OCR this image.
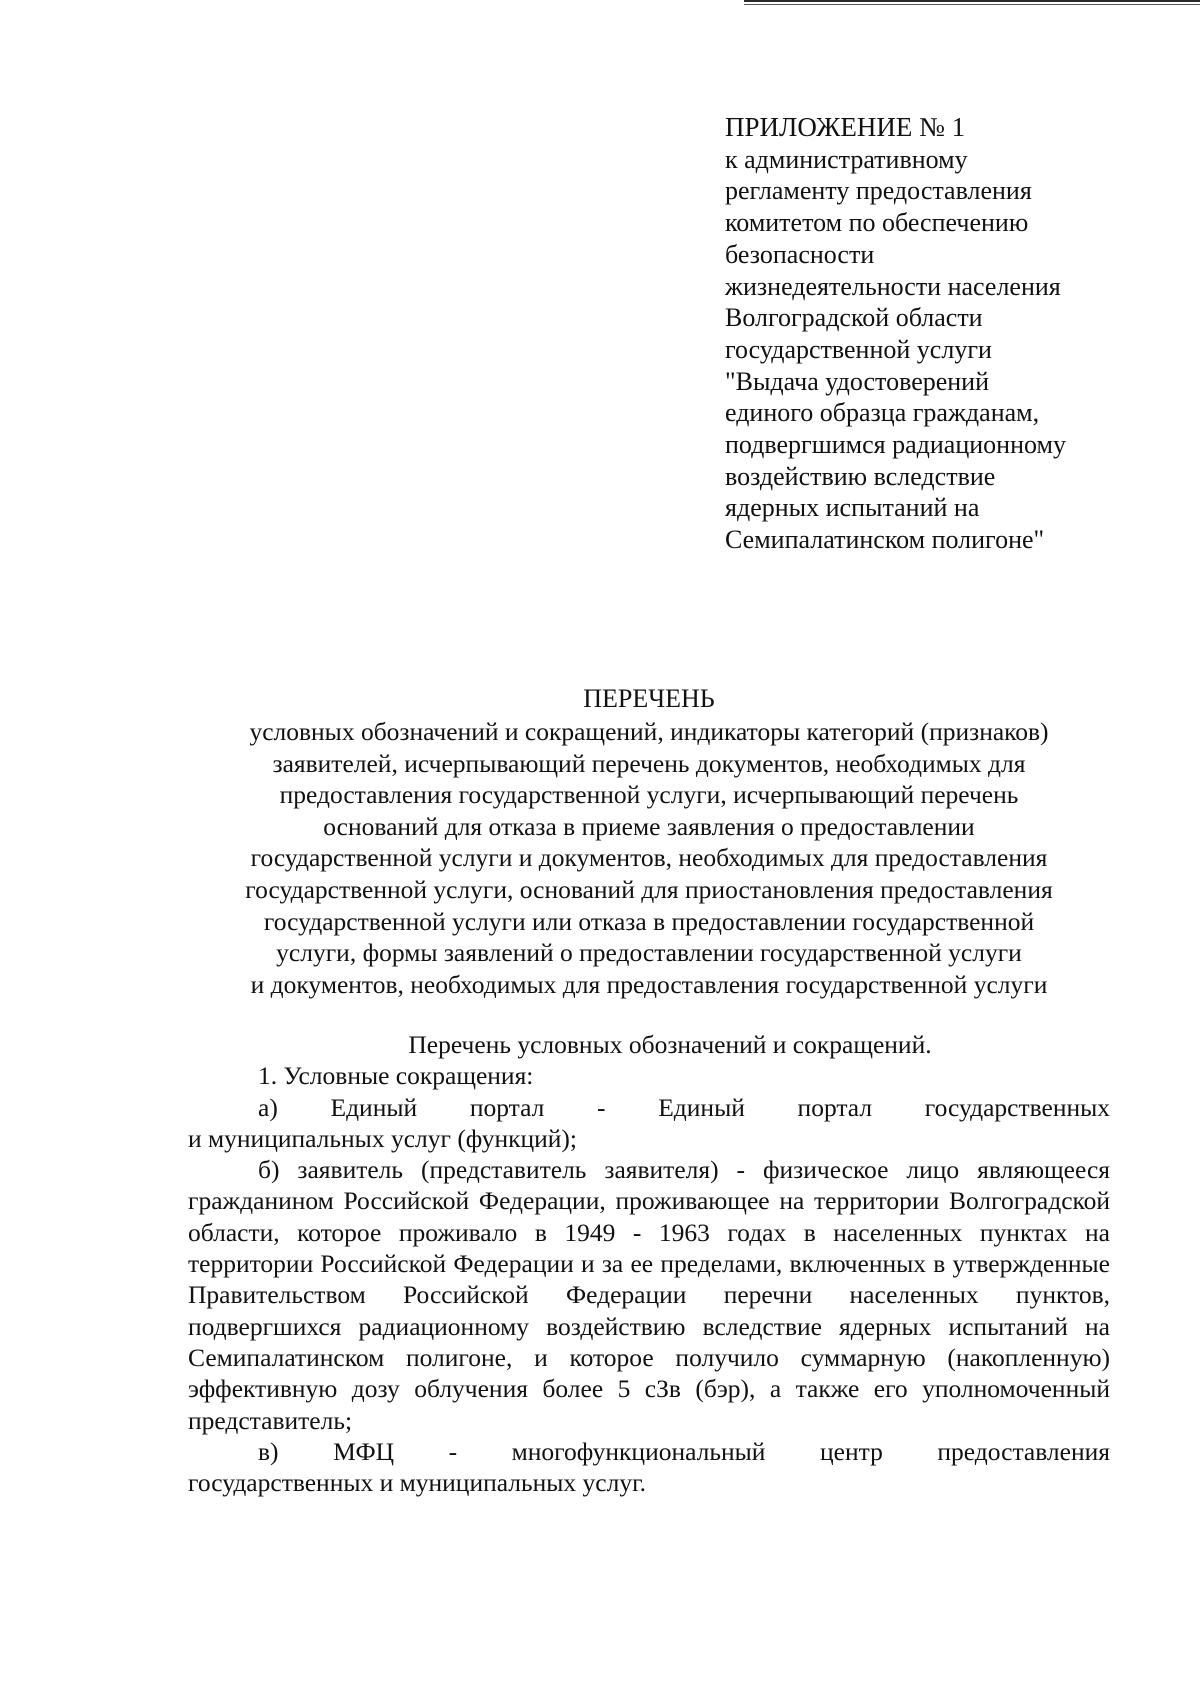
ПРИЛОЖЕНИЕ № 1
к административному
регламенту предоставления
комитетом по обеспечению
безопасности
жизнедеятельности населения
Волгоградской области
государственной услуги
"Выдача удостоверений
единого образца гражданам,
подвергшимся радиационному
воздействию вследствие
ядерных испытаний на
Семипалатинском полигоне"
ПЕРЕЧЕНЬ
условных обозначений и сокращений, индикаторы категорий (признаков)
заявителей, исчерпывающий перечень документов, необходимых для
предоставления государственной услуги, исчерпывающий перечень
оснований для отказа в приеме заявления о предоставлении
государственной услуги и документов, необходимых для предоставления
государственной услуги, оснований для приостановления предоставления
государственной услуги или отказа в предоставлении государственной
услуги, формы заявлений о предоставлении государственной услуги
и документов, необходимых для предоставления государственной услуги
Перечень условных обозначений и сокращений.
1. Условные сокращения:
а) Единый портал - Единый портал государственных
и муниципальных услуг (функций);
б) заявитель (представитель заявителя) - физическое лицо являющееся гражданином Российской Федерации, проживающее на территории Волгоградской области, которое проживало в 1949 - 1963 годах в населенных пунктах на территории Российской Федерации и за ее пределами, включенных в утвержденные Правительством Российской Федерации перечни населенных пунктов, подвергшихся радиационному воздействию вследствие ядерных испытаний на Семипалатинском полигоне, и которое получило суммарную (накопленную) эффективную дозу облучения более 5 сЗв (бэр), а также его уполномоченный представитель;
в) МФЦ - многофункциональный центр предоставления
государственных и муниципальных услуг.
